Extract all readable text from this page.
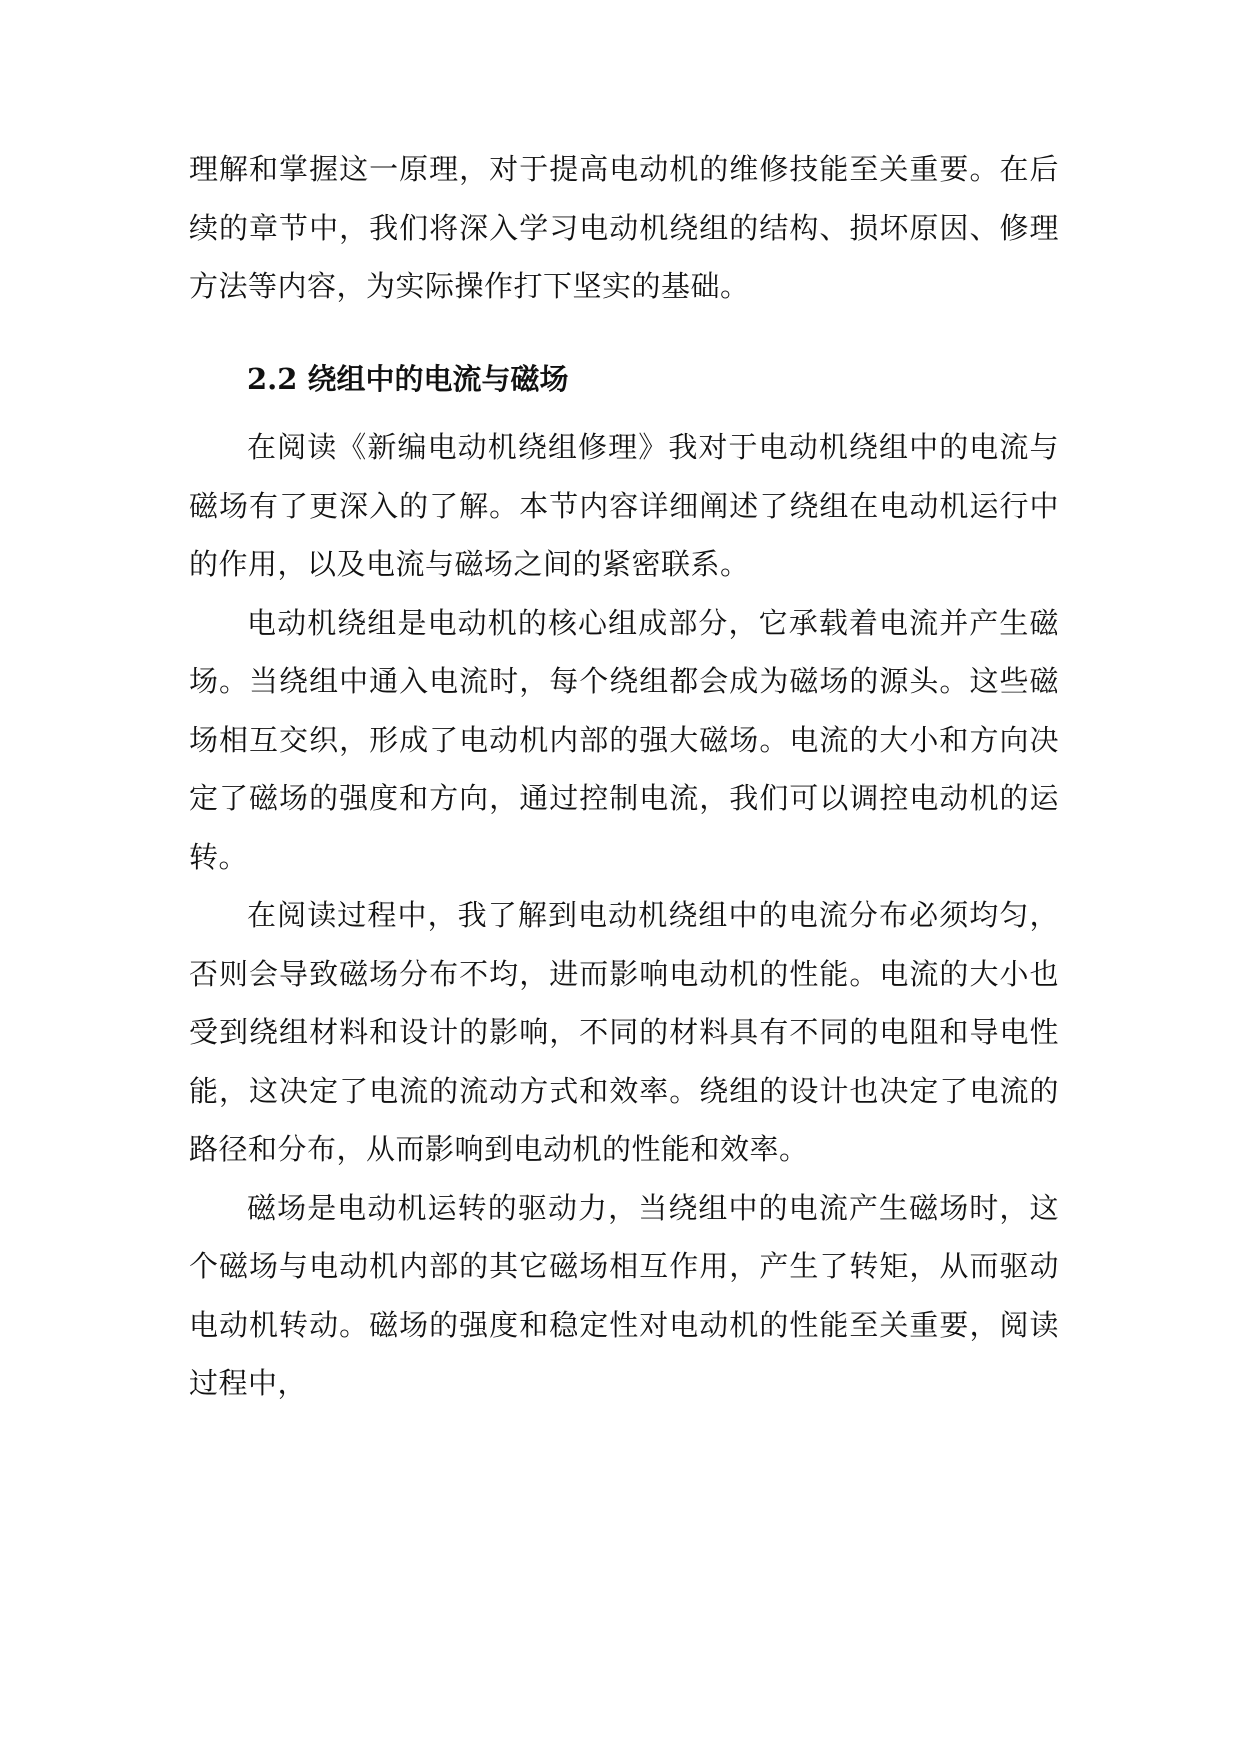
理解和掌握这一原理，对于提高电动机的维修技能至关重要。在后续的章节中，我们将深入学习电动机绕组的结构、损坏原因、修理方法等内容，为实际操作打下坚实的基础。

2.2 绕组中的电流与磁场

在阅读《新编电动机绕组修理》我对于电动机绕组中的电流与磁场有了更深入的了解。本节内容详细阐述了绕组在电动机运行中的作用，以及电流与磁场之间的紧密联系。

电动机绕组是电动机的核心组成部分，它承载着电流并产生磁场。当绕组中通入电流时，每个绕组都会成为磁场的源头。这些磁场相互交织，形成了电动机内部的强大磁场。电流的大小和方向决定了磁场的强度和方向，通过控制电流，我们可以调控电动机的运转。

在阅读过程中，我了解到电动机绕组中的电流分布必须均匀，否则会导致磁场分布不均，进而影响电动机的性能。电流的大小也受到绕组材料和设计的影响，不同的材料具有不同的电阻和导电性能，这决定了电流的流动方式和效率。绕组的设计也决定了电流的路径和分布，从而影响到电动机的性能和效率。

磁场是电动机运转的驱动力，当绕组中的电流产生磁场时，这个磁场与电动机内部的其它磁场相互作用，产生了转矩，从而驱动电动机转动。磁场的强度和稳定性对电动机的性能至关重要，阅读过程中，
